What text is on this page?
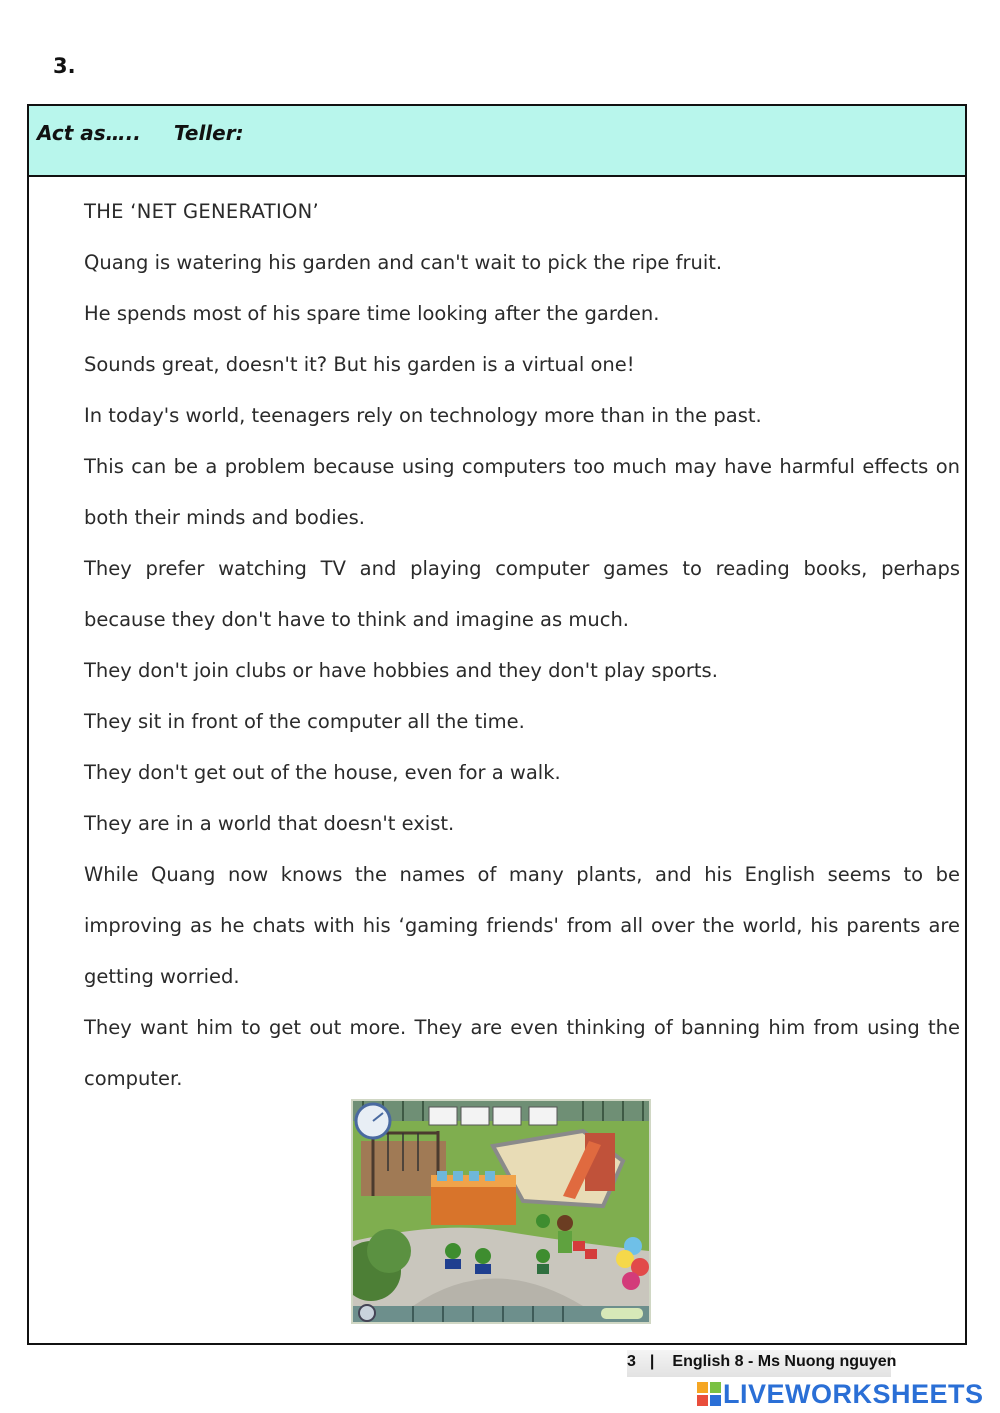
3.
Act as….. Teller:

THE ‘NET GENERATION’

Quang is watering his garden and can't wait to pick the ripe fruit.

He spends most of his spare time looking after the garden.

Sounds great, doesn't it? But his garden is a virtual one!

In today's world, teenagers rely on technology more than in the past.

This can be a problem because using computers too much may have harmful effects on both their minds and bodies.

They prefer watching TV and playing computer games to reading books, perhaps because they don't have to think and imagine as much.

They don't join clubs or have hobbies and they don't play sports.

They sit in front of the computer all the time.

They don't get out of the house, even for a walk.

They are in a world that doesn't exist.

While Quang now knows the names of many plants, and his English seems to be improving as he chats with his ‘gaming friends' from all over the world, his parents are getting worried.

They want him to get out more. They are even thinking of banning him from using the computer.

3 | English 8 - Ms Nuong nguyen
LIVEWORKSHEETS
